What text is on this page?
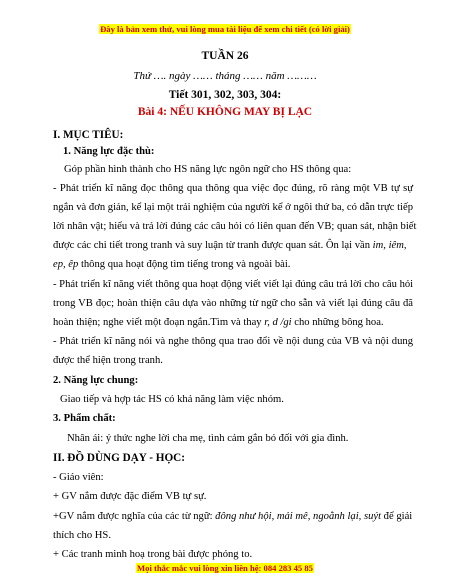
Đây là bản xem thử, vui lòng mua tài liệu để xem chi tiết (có lời giải)
TUẦN 26
Thứ …. ngày …… tháng …… năm ………
Tiết 301, 302, 303, 304:
Bài 4: NẾU KHÔNG MAY BỊ LẠC
I. MỤC TIÊU:
1. Năng lực đặc thù:
Góp phần hình thành cho HS năng lực ngôn ngữ cho HS thông qua:
- Phát triển kĩ năng đọc thông qua thông qua việc đọc đúng, rõ ràng một VB tự sự
ngắn và đơn giản, kể lại một trải nghiệm của người kể ở ngôi thứ ba, có dẫn trực tiếp
lời nhân vật; hiểu và trả lời đúng các câu hỏi có liên quan đến VB; quan sát, nhận biết
được các chi tiết trong tranh và suy luận từ tranh được quan sát. Ôn lại vần im, iêm,
ep, êp thông qua hoạt động tìm tiếng trong và ngoài bài.
- Phát triển kĩ năng viết thông qua hoạt động viết viết lại đúng câu trả lời cho câu hỏi
trong VB đọc; hoàn thiện câu dựa vào những từ ngữ cho sẵn và viết lại đúng câu đã
hoàn thiện; nghe viết một đoạn ngắn.Tìm và thay r, d /gi cho những bông hoa.
- Phát triển kĩ năng nói và nghe thông qua trao đổi về nội dung của VB và nội dung
được thể hiện trong tranh.
2. Năng lực chung:
Giao tiếp và hợp tác HS có khả năng làm việc nhóm.
3. Phẩm chất:
Nhân ái: ý thức nghe lời cha mẹ, tình cảm gắn bó đối với gia đình.
II. ĐỒ DÙNG DẠY - HỌC:
- Giáo viên:
+ GV nắm được đặc điểm VB tự sự.
+GV nắm được nghĩa của các từ ngữ: đông như hội, mải mê, ngoằnh lại, suýt để giải
thích cho HS.
+ Các tranh minh hoạ trong bài được phóng to.
Mọi thắc mắc vui lòng xin liên hệ: 084 283 45 85
